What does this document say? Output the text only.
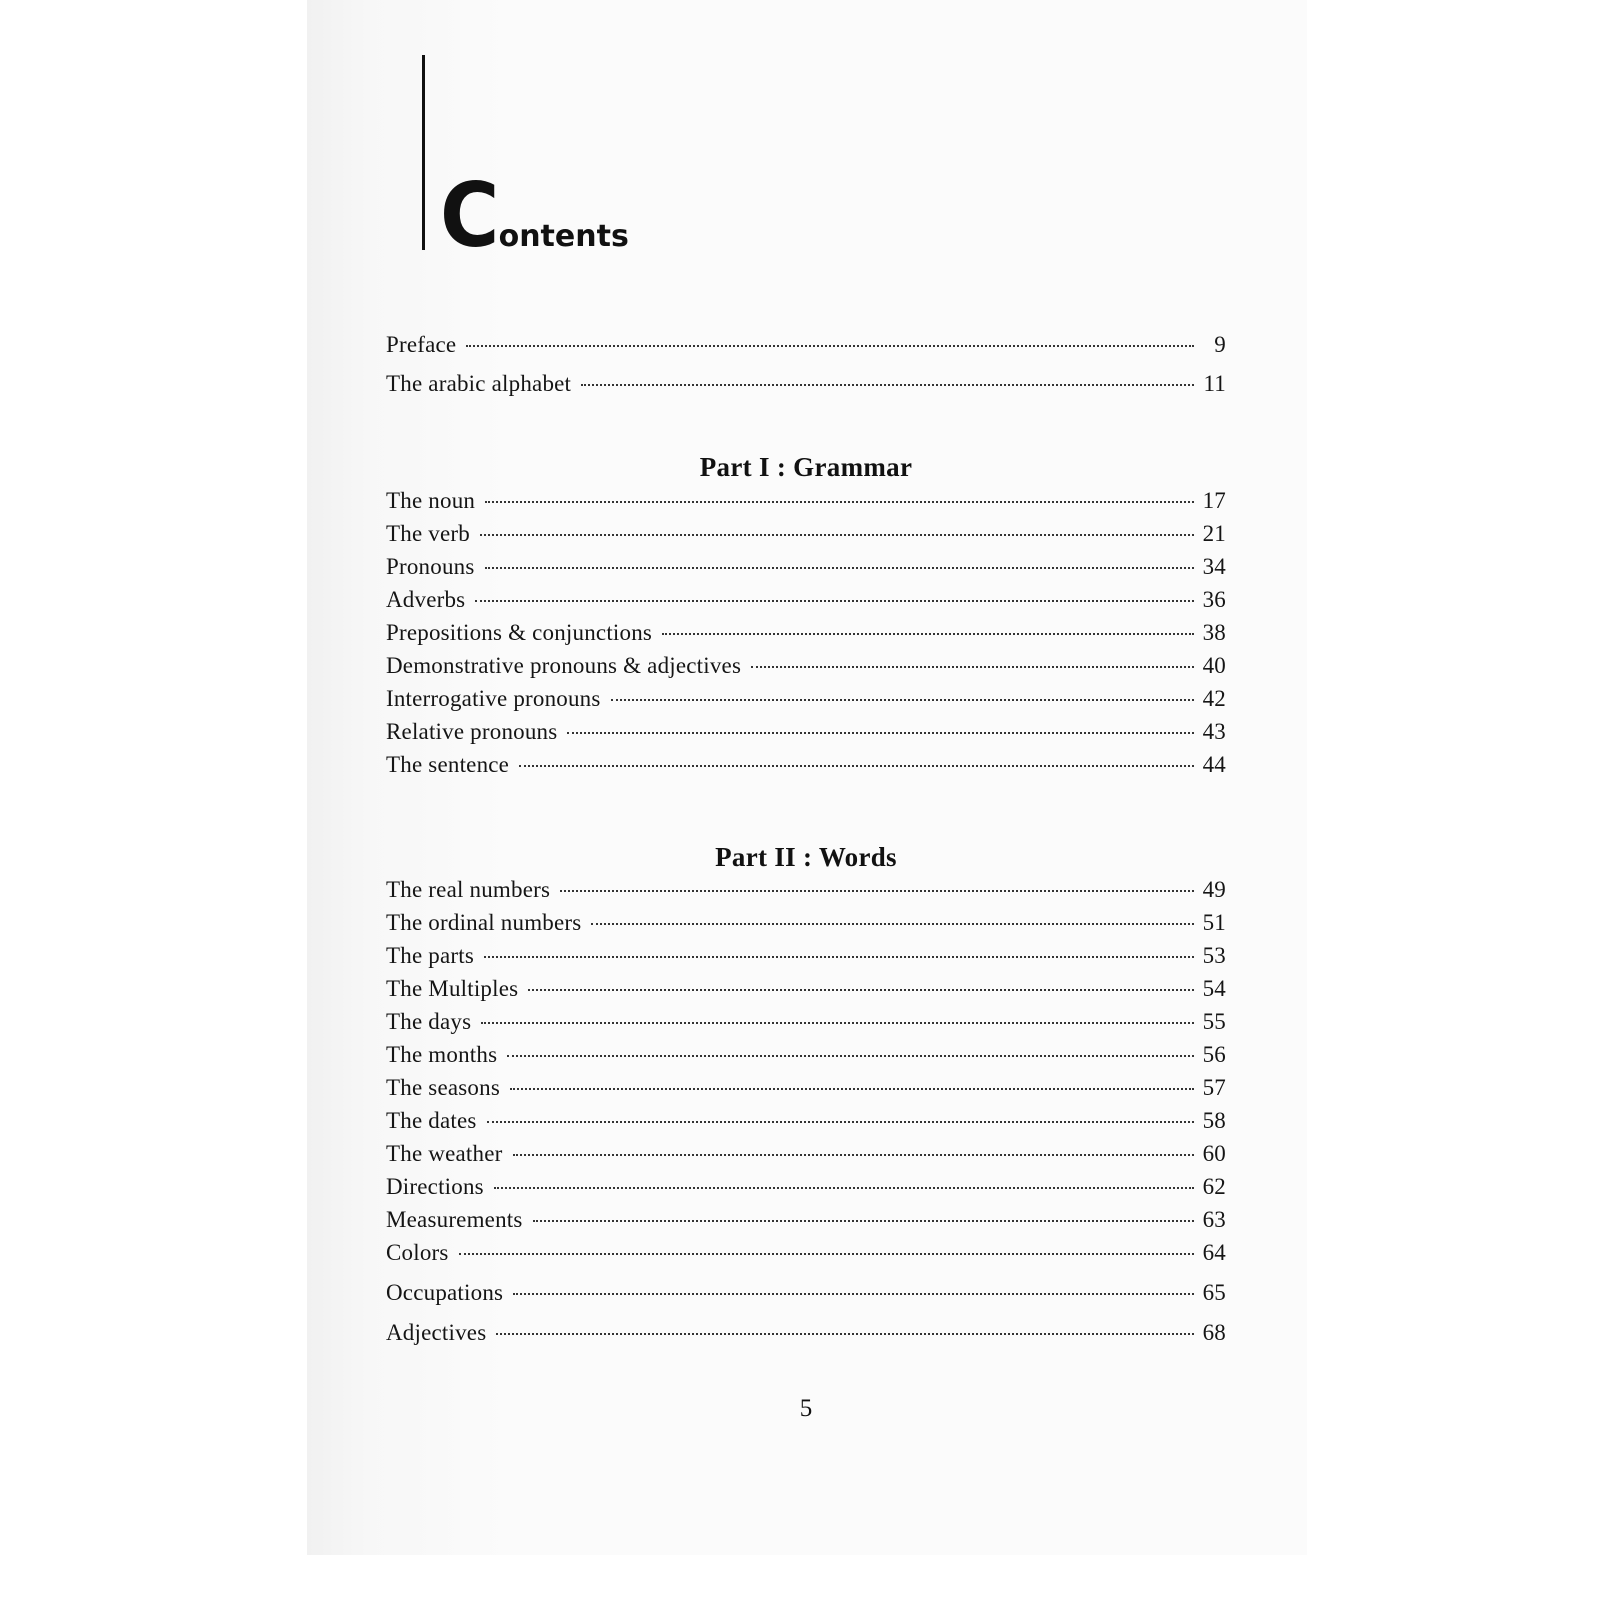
C ontents
Preface	9
The arabic alphabet	11
Part I : Grammar
The noun	17
The verb	21
Pronouns	34
Adverbs	36
Prepositions & conjunctions	38
Demonstrative pronouns & adjectives	40
Interrogative pronouns	42
Relative pronouns	43
The sentence	44
Part II : Words
The real numbers	49
The ordinal numbers	51
The parts	53
The Multiples	54
The days	55
The months	56
The seasons	57
The dates	58
The weather	60
Directions	62
Measurements	63
Colors	64
Occupations	65
Adjectives	68
5
